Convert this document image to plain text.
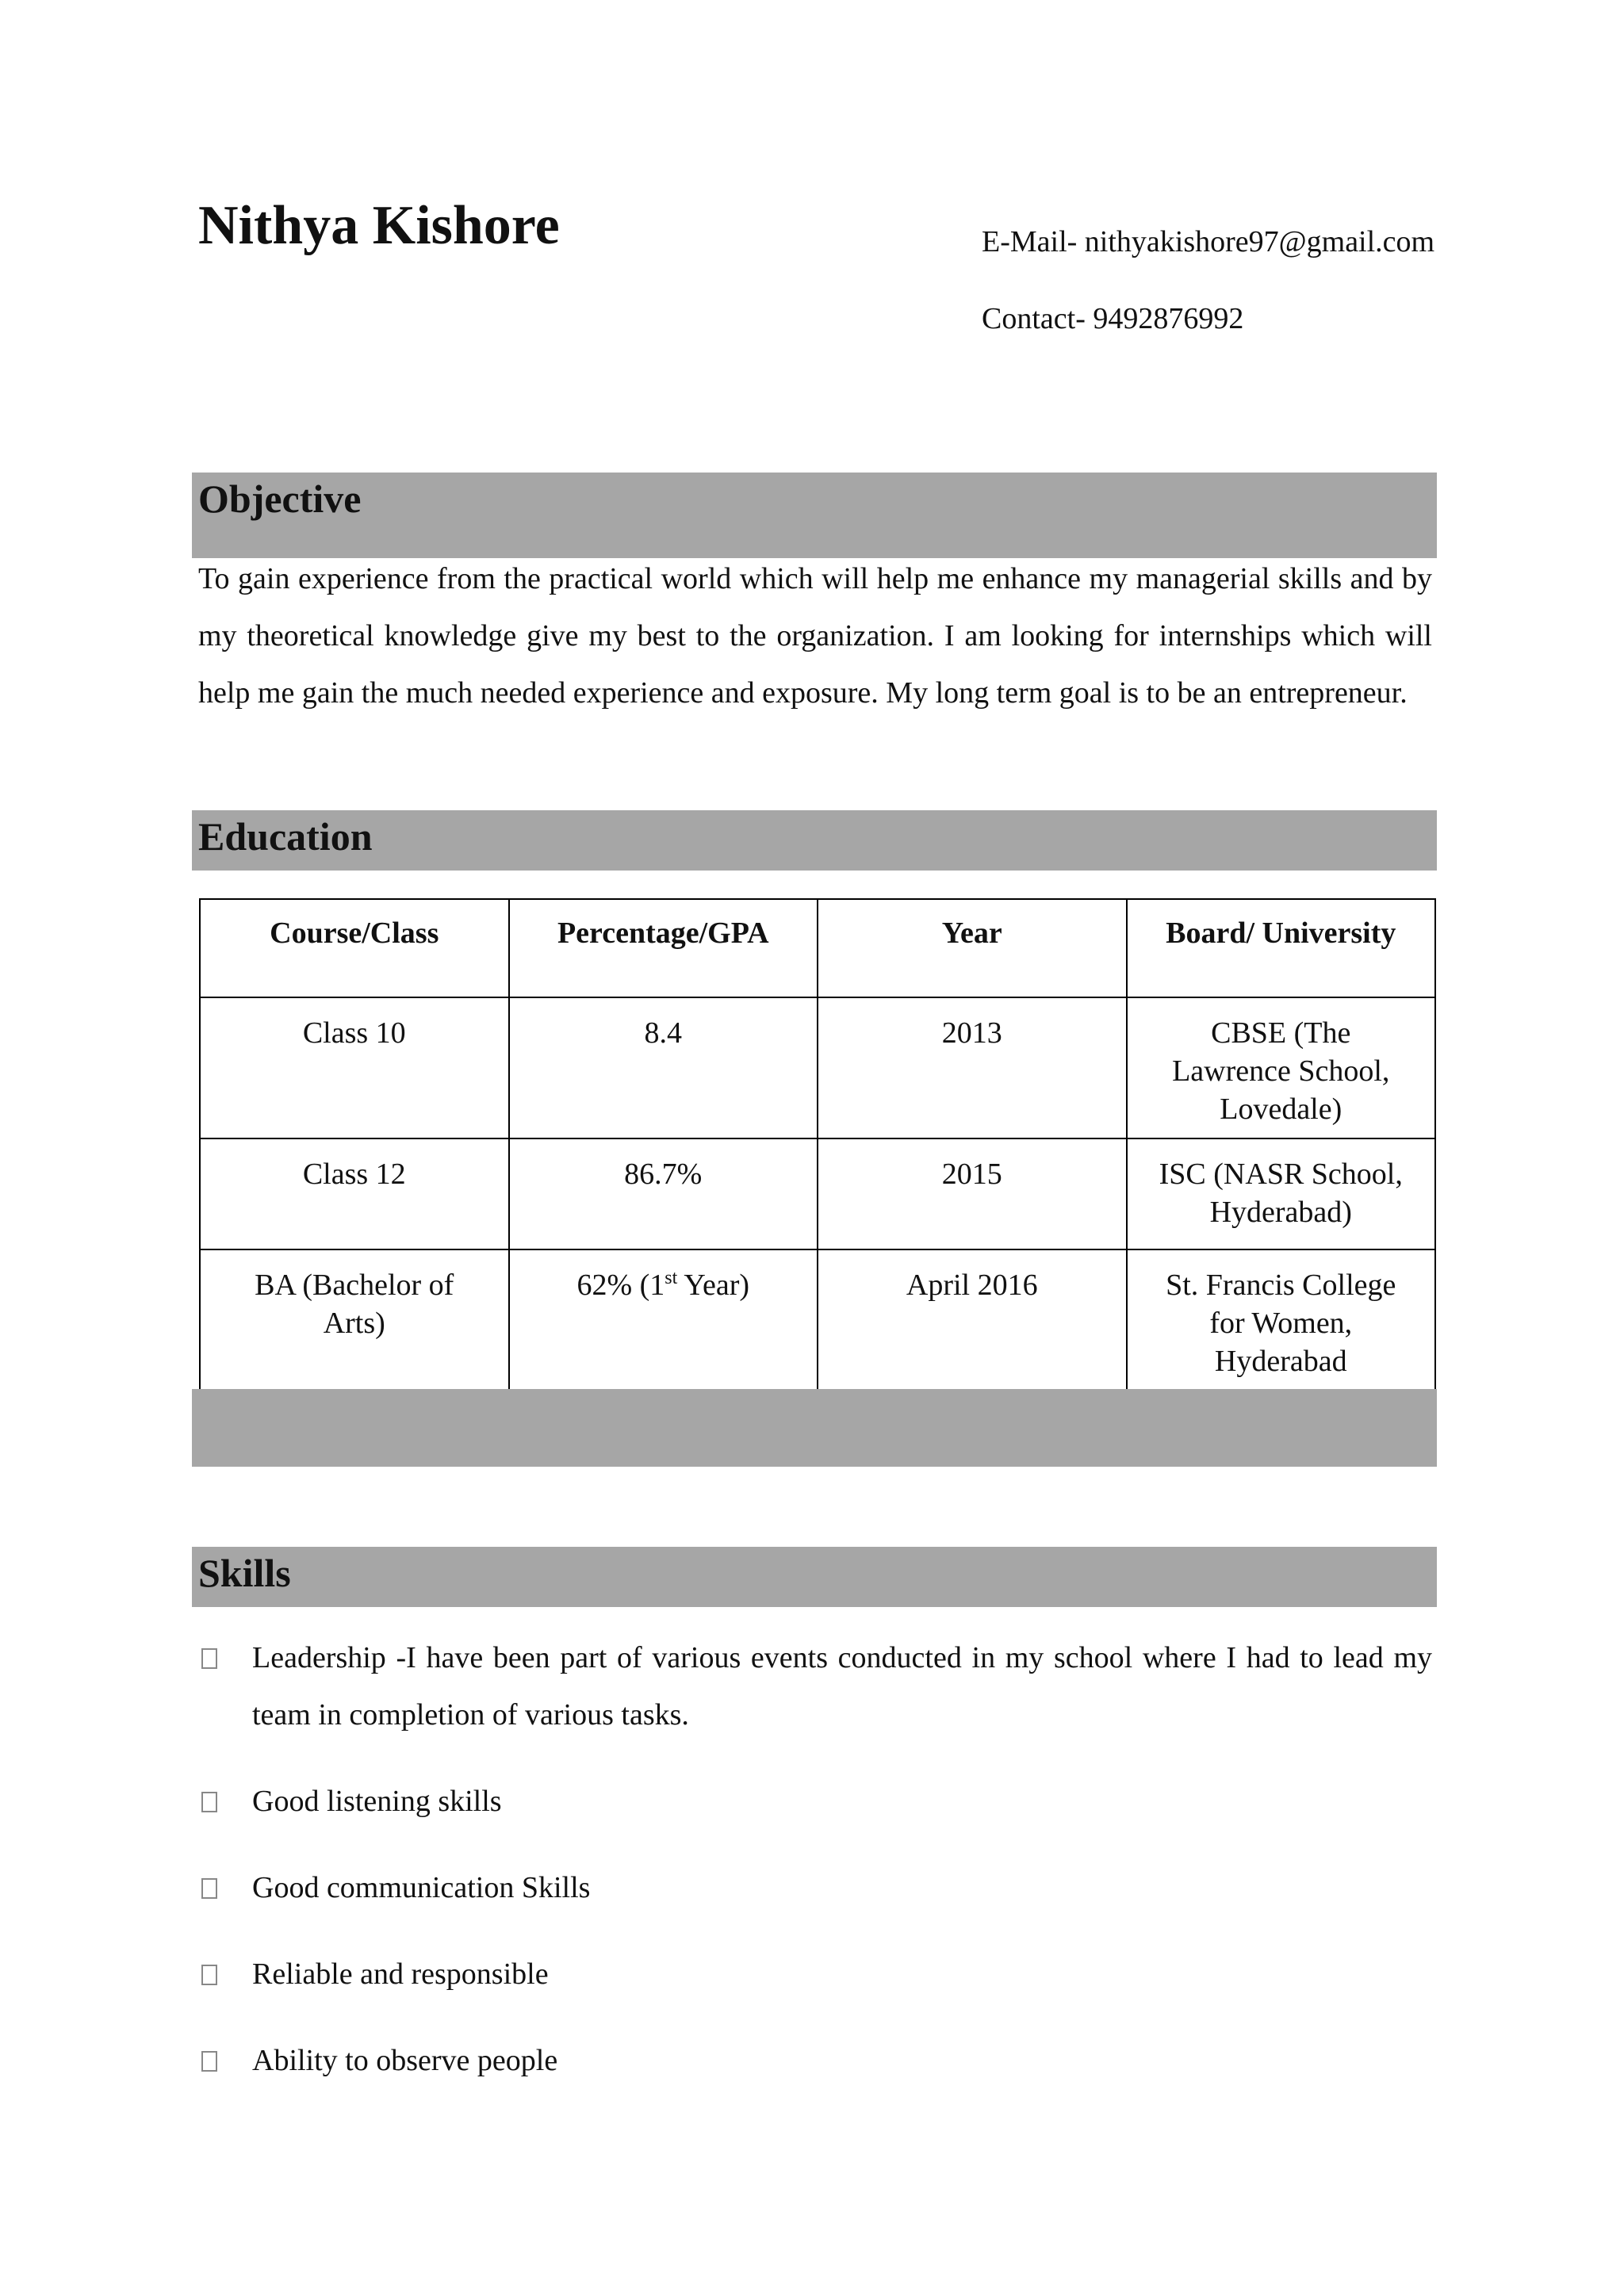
Nithya Kishore	E-Mail- nithyakishore97@gmail.com
Contact- 9492876992
Objective
To gain experience from the practical world which will help me enhance my managerial skills and by my theoretical knowledge give my best to the organization. I am looking for internships which will help me gain the much needed experience and exposure. My long term goal is to be an entrepreneur.
Education
Course/Class	Percentage/GPA	Year	Board/ University
Class 10	8.4	2013	CBSE (The Lawrence School, Lovedale)
Class 12	86.7%	2015	ISC (NASR School, Hyderabad)
BA (Bachelor of Arts)	62% (1st Year)	April 2016	St. Francis College for Women, Hyderabad
Skills
Leadership -I have been part of various events conducted in my school where I had to lead my team in completion of various tasks.
Good listening skills
Good communication Skills
Reliable and responsible
Ability to observe people
